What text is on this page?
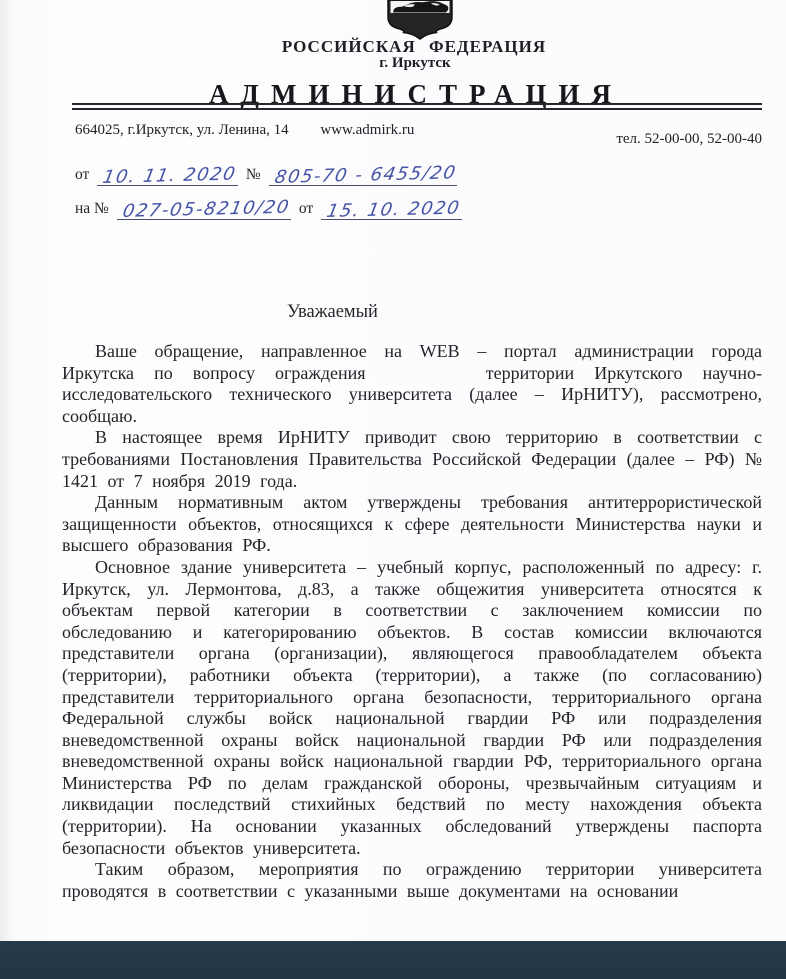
РОССИЙСКАЯ ФЕДЕРАЦИЯ
г. Иркутск
АДМИНИСТРАЦИЯ
664025, г.Иркутск, ул. Ленина, 14 www.admirk.ru
тел. 52-00-00, 52-00-40
от 10. 11. 2020 № 805-70 - 6455/20
на № 027-05-8210/20 от 15. 10. 2020
Уважаемый

Ваше обращение, направленное на WEB – портал администрации города Иркутска по вопросу ограждения      территории Иркутского научно-исследовательского технического университета (далее – ИрНИТУ), рассмотрено, сообщаю.

В настоящее время ИрНИТУ приводит свою территорию в соответствии с требованиями Постановления Правительства Российской Федерации (далее – РФ) № 1421 от 7 ноября 2019 года.

Данным нормативным актом утверждены требования антитеррористической защищенности объектов, относящихся к сфере деятельности Министерства науки и высшего образования РФ.

Основное здание университета – учебный корпус, расположенный по адресу: г. Иркутск, ул. Лермонтова, д.83, а также общежития университета относятся к объектам первой категории в соответствии с заключением комиссии по обследованию и категорированию объектов. В состав комиссии включаются представители органа (организации), являющегося правообладателем объекта (территории), работники объекта (территории), а также (по согласованию) представители территориального органа безопасности, территориального органа Федеральной службы войск национальной гвардии РФ или подразделения вневедомственной охраны войск национальной гвардии РФ или подразделения вневедомственной охраны войск национальной гвардии РФ, территориального органа Министерства РФ по делам гражданской обороны, чрезвычайным ситуациям и ликвидации последствий стихийных бедствий по месту нахождения объекта (территории). На основании указанных обследований утверждены паспорта безопасности объектов университета.

Таким образом, мероприятия по ограждению территории университета проводятся в соответствии с указанными выше документами на основании
